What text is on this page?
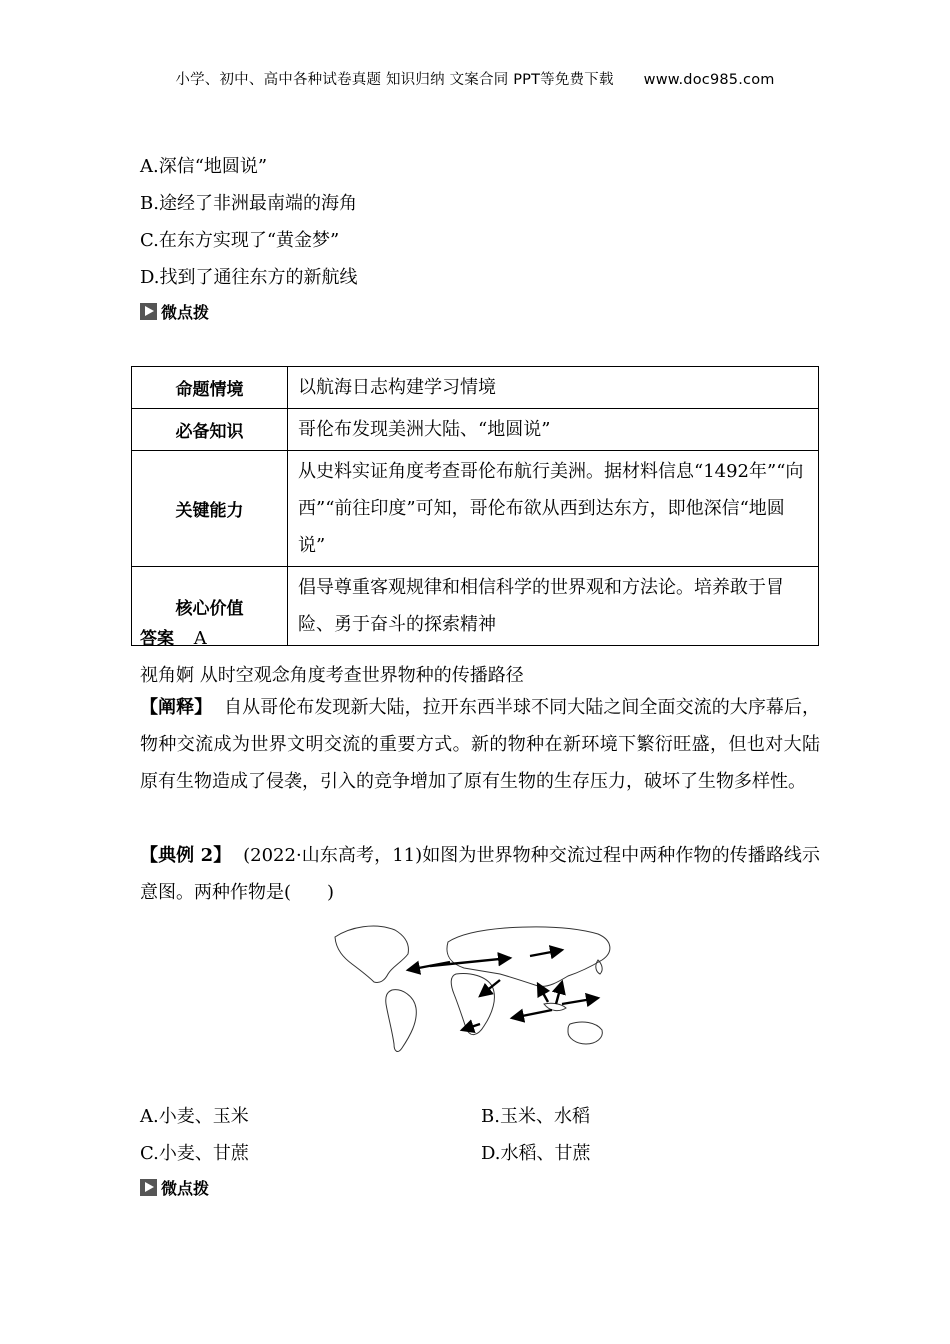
小学、初中、高中各种试卷真题 知识归纳 文案合同 PPT等免费下载 www.doc985.com
A.深信“地圆说”
B.途经了非洲最南端的海角
C.在东方实现了“黄金梦”
D.找到了通往东方的新航线
微点拨
命题情境	以航海日志构建学习情境
必备知识	哥伦布发现美洲大陆、“地圆说”
关键能力	从史料实证角度考查哥伦布航行美洲。据材料信息“1492年”“向西”“前往印度”可知，哥伦布欲从西到达东方，即他深信“地圆说”
核心价值	倡导尊重客观规律和相信科学的世界观和方法论。培养敢于冒险、勇于奋斗的探索精神
答案 A
视角婀 从时空观念角度考查世界物种的传播路径
【阐释】 自从哥伦布发现新大陆，拉开东西半球不同大陆之间全面交流的大序幕后，物种交流成为世界文明交流的重要方式。新的物种在新环境下繁衍旺盛，但也对大陆原有生物造成了侵袭，引入的竞争增加了原有生物的生存压力，破坏了生物多样性。
【典例 2】 (2022·山东高考，11)如图为世界物种交流过程中两种作物的传播路线示意图。两种作物是(　　)
A.小麦、玉米	B.玉米、水稻
C.小麦、甘蔗	D.水稻、甘蔗
微点拨
